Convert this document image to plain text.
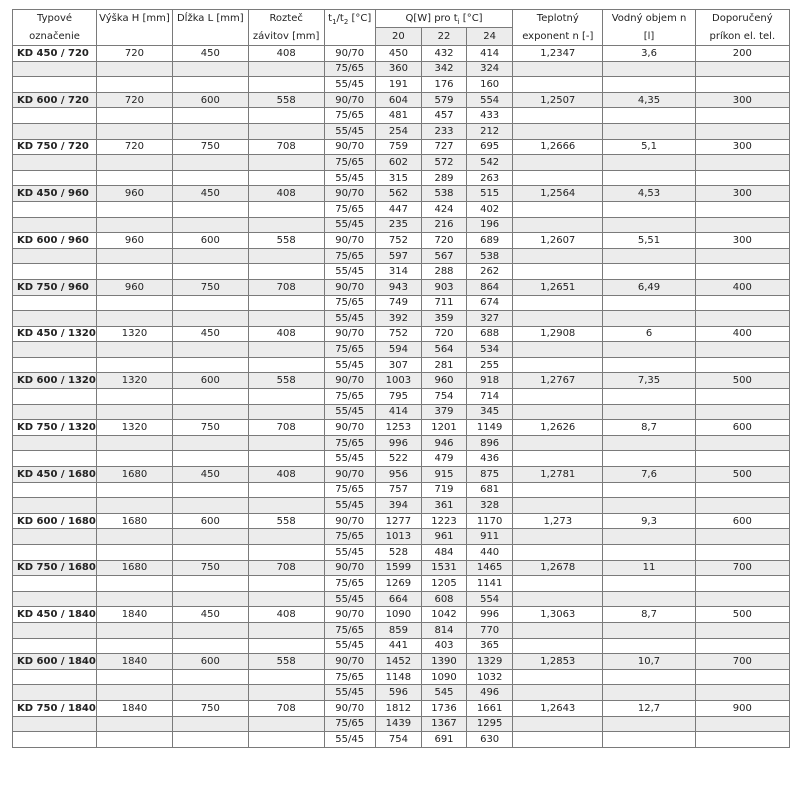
Typové	Výška H [mm]	Dĺžka L [mm]	Rozteč	$t_1/t_2$ [°C]	Q[W] pro $t_i$ [°C]			Teplotný	Vodný objem n	Doporučený
označenie			závitov [mm]		20	22	24	exponent n [-]	[l]	príkon el. tel.
KD 450 / 720	720	450	408	90/70	450	432	414	1,2347	3,6	200
				75/65	360	342	324			
				55/45	191	176	160			
KD 600 / 720	720	600	558	90/70	604	579	554	1,2507	4,35	300
				75/65	481	457	433			
				55/45	254	233	212			
KD 750 / 720	720	750	708	90/70	759	727	695	1,2666	5,1	300
				75/65	602	572	542			
				55/45	315	289	263			
KD 450 / 960	960	450	408	90/70	562	538	515	1,2564	4,53	300
				75/65	447	424	402			
				55/45	235	216	196			
KD 600 / 960	960	600	558	90/70	752	720	689	1,2607	5,51	300
				75/65	597	567	538			
				55/45	314	288	262			
KD 750 / 960	960	750	708	90/70	943	903	864	1,2651	6,49	400
				75/65	749	711	674			
				55/45	392	359	327			
KD 450 / 1320	1320	450	408	90/70	752	720	688	1,2908	6	400
				75/65	594	564	534			
				55/45	307	281	255			
KD 600 / 1320	1320	600	558	90/70	1003	960	918	1,2767	7,35	500
				75/65	795	754	714			
				55/45	414	379	345			
KD 750 / 1320	1320	750	708	90/70	1253	1201	1149	1,2626	8,7	600
				75/65	996	946	896			
				55/45	522	479	436			
KD 450 / 1680	1680	450	408	90/70	956	915	875	1,2781	7,6	500
				75/65	757	719	681			
				55/45	394	361	328			
KD 600 / 1680	1680	600	558	90/70	1277	1223	1170	1,273	9,3	600
				75/65	1013	961	911			
				55/45	528	484	440			
KD 750 / 1680	1680	750	708	90/70	1599	1531	1465	1,2678	11	700
				75/65	1269	1205	1141			
				55/45	664	608	554			
KD 450 / 1840	1840	450	408	90/70	1090	1042	996	1,3063	8,7	500
				75/65	859	814	770			
				55/45	441	403	365			
KD 600 / 1840	1840	600	558	90/70	1452	1390	1329	1,2853	10,7	700
				75/65	1148	1090	1032			
				55/45	596	545	496			
KD 750 / 1840	1840	750	708	90/70	1812	1736	1661	1,2643	12,7	900
				75/65	1439	1367	1295			
				55/45	754	691	630			
